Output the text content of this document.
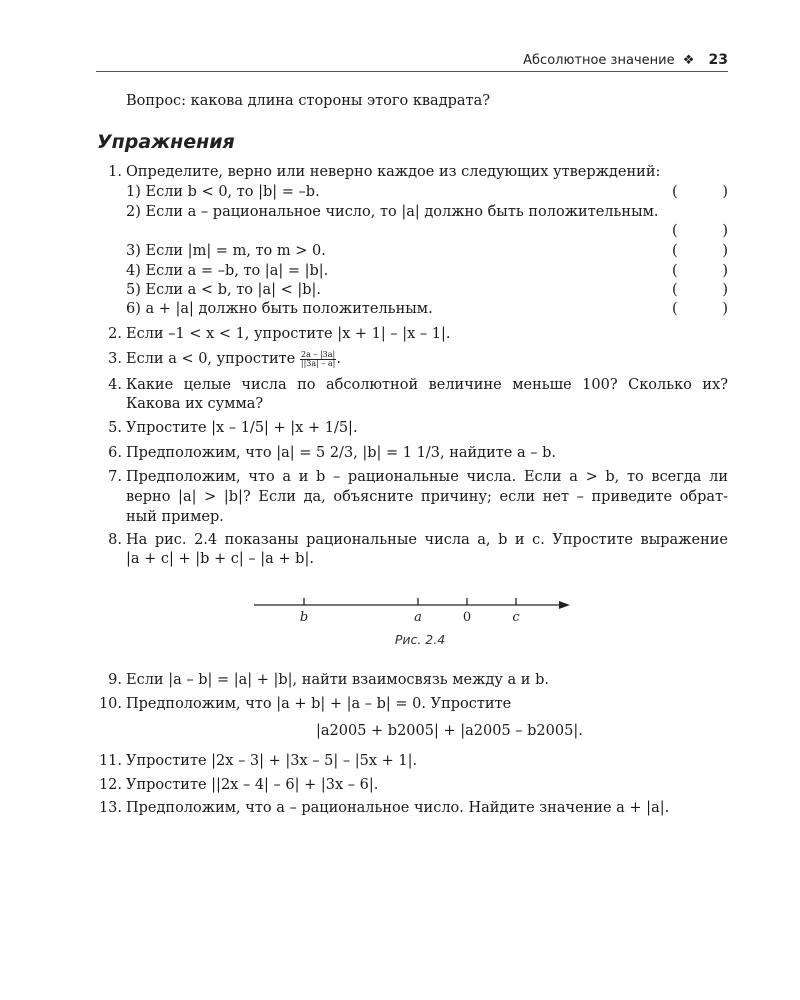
Абсолютное значение ❖ 23
Вопрос: какова длина стороны этого квадрата?
Упражнения
1. Определите, верно или неверно каждое из следующих утверждений:
1) Если b < 0, то |b| = –b.	(	)
2) Если a – рациональное число, то |a| должно быть положительным.
(	)
3) Если |m| = m, то m > 0.	(	)
4) Если a = –b, то |a| = |b|.	(	)
5) Если a < b, то |a| < |b|.	(	)
6) a + |a| должно быть положительным.	(	)
2. Если –1 < x < 1, упростите |x + 1| – |x – 1|.
3. Если a < 0, упростите $\frac{2a - |3a|}{||3a| - a|}$ .
4. Какие целые числа по абсолютной величине меньше 100? Сколько их?
Какова их сумма?
5. Упростите |x – 1/5| + |x + 1/5|.
6. Предположим, что |a| = 5 2/3, |b| = 1 1/3, найдите a – b.
7. Предположим, что a и b – рациональные числа. Если a > b, то всегда ли
верно |a| > |b|? Если да, объясните причину; если нет – приведите обрат-
ный пример.
8. На рис. 2.4 показаны рациональные числа a, b и c. Упростите выражение
|a + c| + |b + c| – |a + b|.
b	a	0	c
Рис. 2.4
9. Если |a – b| = |a| + |b|, найти взаимосвязь между a и b.
10. Предположим, что |a + b| + |a – b| = 0. Упростите
|a2005 + b2005| + |a2005 – b2005|.
11. Упростите |2x – 3| + |3x – 5| – |5x + 1|.
12. Упростите ||2x – 4| – 6| + |3x – 6|.
13. Предположим, что a – рациональное число. Найдите значение a + |a|.
